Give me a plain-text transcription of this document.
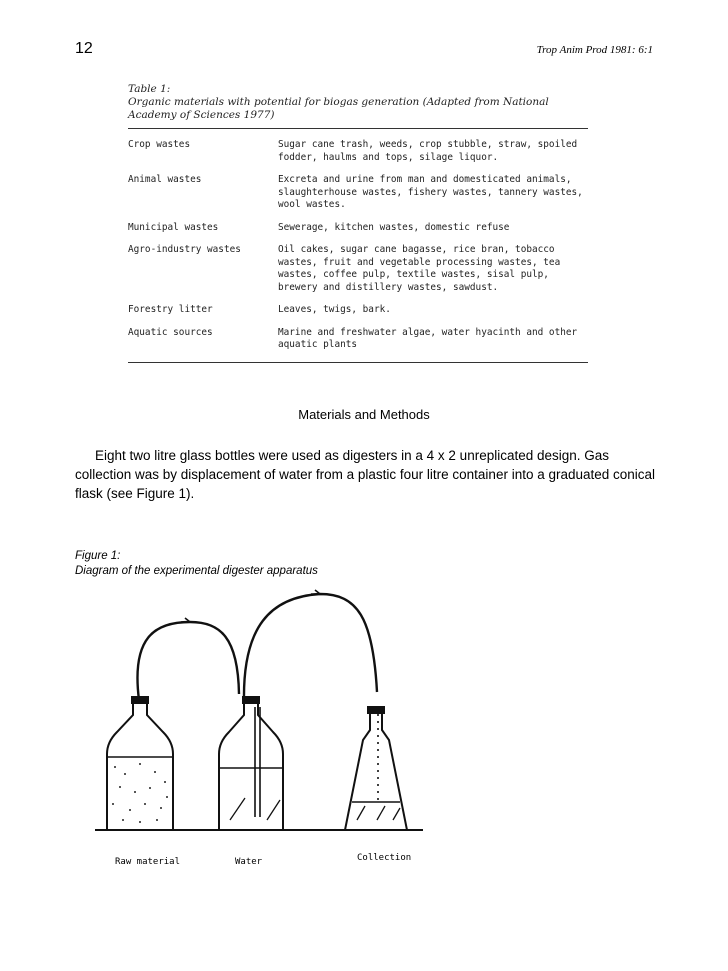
12	Trop Anim Prod 1981: 6:1
Table 1:
Organic materials with potential for biogas generation (Adapted from National Academy of Sciences 1977)
Crop wastes	Sugar cane trash, weeds, crop stubble, straw, spoiled fodder, haulms and tops, silage liquor.
Animal wastes	Excreta and urine from man and domesticated animals, slaughterhouse wastes, fishery wastes, tannery wastes, wool wastes.
Municipal wastes	Sewerage, kitchen wastes, domestic refuse
Agro-industry wastes	Oil cakes, sugar cane bagasse, rice bran, tobacco wastes, fruit and vegetable processing wastes, tea wastes, coffee pulp, textile wastes, sisal pulp, brewery and distillery wastes, sawdust.
Forestry litter	Leaves, twigs, bark.
Aquatic sources	Marine and freshwater algae, water hyacinth and other aquatic plants
Materials and Methods
Eight two litre glass bottles were used as digesters in a 4 x 2 unreplicated design. Gas collection was by displacement of water from a plastic four litre container into a graduated conical flask (see Figure 1).
Figure 1:
Diagram of the experimental digester apparatus
Raw material	Water	Collection
